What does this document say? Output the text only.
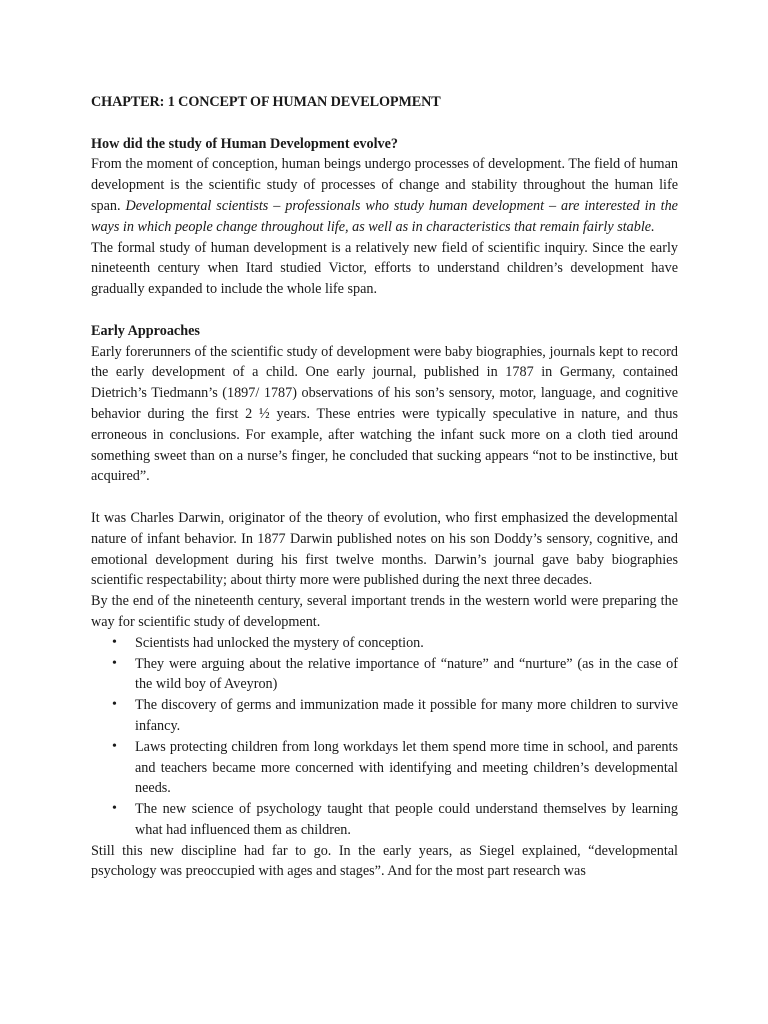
CHAPTER: 1 CONCEPT OF HUMAN DEVELOPMENT
How did the study of Human Development evolve?

From the moment of conception, human beings undergo processes of development. The field of human development is the scientific study of processes of change and stability throughout the human life span. Developmental scientists – professionals who study human development – are interested in the ways in which people change throughout life, as well as in characteristics that remain fairly stable.

The formal study of human development is a relatively new field of scientific inquiry. Since the early nineteenth century when Itard studied Victor, efforts to understand children’s development have gradually expanded to include the whole life span.

Early Approaches

Early forerunners of the scientific study of development were baby biographies, journals kept to record the early development of a child. One early journal, published in 1787 in Germany, contained Dietrich’s Tiedmann’s (1897/ 1787) observations of his son’s sensory, motor, language, and cognitive behavior during the first 2 ½ years. These entries were typically speculative in nature, and thus erroneous in conclusions. For example, after watching the infant suck more on a cloth tied around something sweet than on a nurse’s finger, he concluded that sucking appears “not to be instinctive, but acquired”.

It was Charles Darwin, originator of the theory of evolution, who first emphasized the developmental nature of infant behavior. In 1877 Darwin published notes on his son Doddy’s sensory, cognitive, and emotional development during his first twelve months. Darwin’s journal gave baby biographies scientific respectability; about thirty more were published during the next three decades.

By the end of the nineteenth century, several important trends in the western world were preparing the way for scientific study of development.

• Scientists had unlocked the mystery of conception.
• They were arguing about the relative importance of “nature” and “nurture” (as in the case of the wild boy of Aveyron)
• The discovery of germs and immunization made it possible for many more children to survive infancy.
• Laws protecting children from long workdays let them spend more time in school, and parents and teachers became more concerned with identifying and meeting children’s developmental needs.
• The new science of psychology taught that people could understand themselves by learning what had influenced them as children.

Still this new discipline had far to go. In the early years, as Siegel explained, “developmental psychology was preoccupied with ages and stages”. And for the most part research was
